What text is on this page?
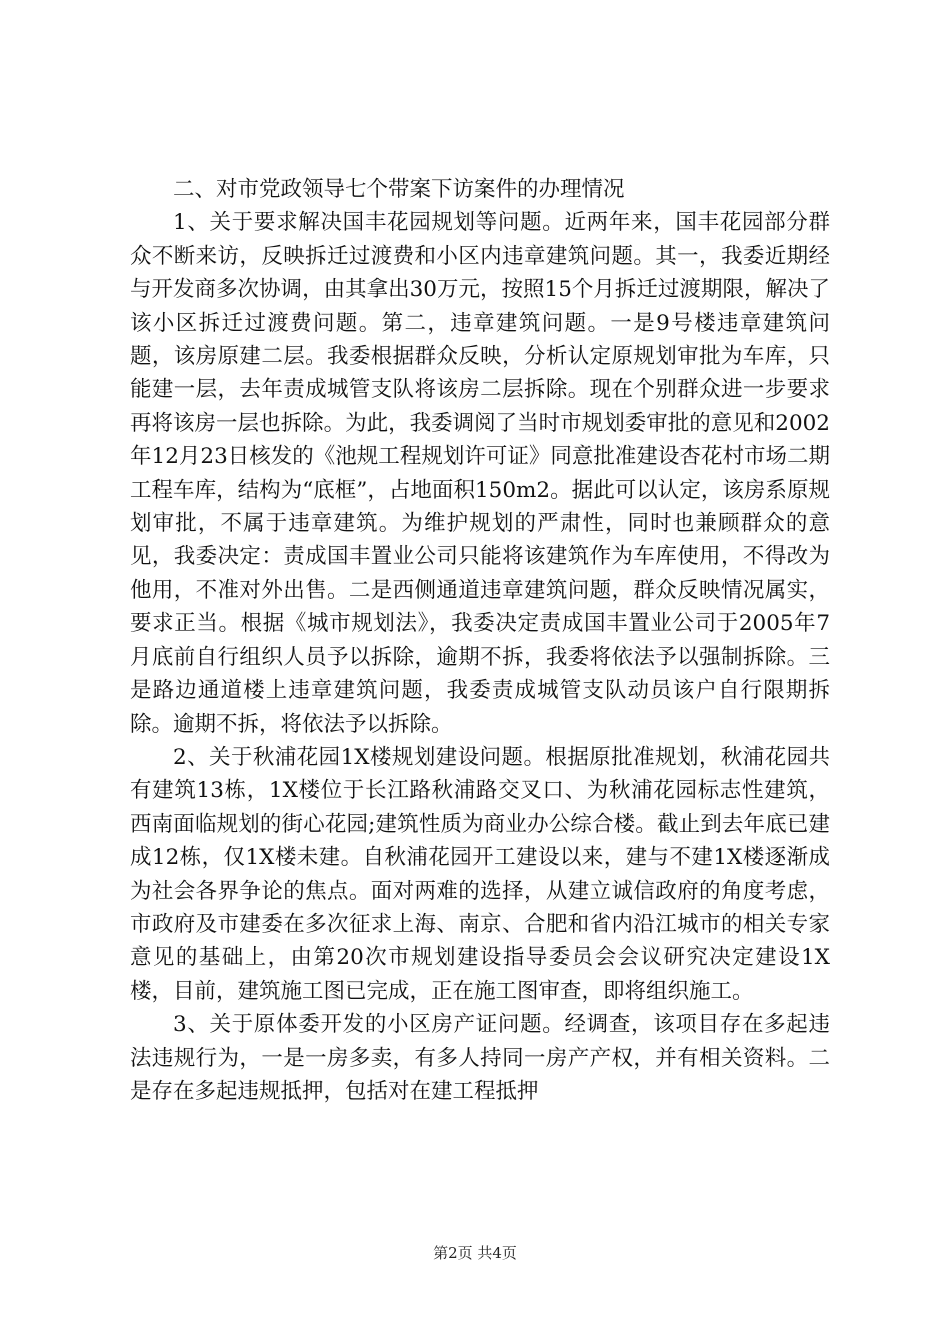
二、对市党政领导七个带案下访案件的办理情况

1、关于要求解决国丰花园规划等问题。近两年来，国丰花园部分群众不断来访，反映拆迁过渡费和小区内违章建筑问题。其一，我委近期经与开发商多次协调，由其拿出30万元，按照15个月拆迁过渡期限，解决了该小区拆迁过渡费问题。第二，违章建筑问题。一是9号楼违章建筑问题，该房原建二层。我委根据群众反映，分析认定原规划审批为车库，只能建一层，去年责成城管支队将该房二层拆除。现在个别群众进一步要求再将该房一层也拆除。为此，我委调阅了当时市规划委审批的意见和2002年12月23日核发的《池规工程规划许可证》同意批准建设杏花村市场二期工程车库，结构为“底框”，占地面积150m2。据此可以认定，该房系原规划审批，不属于违章建筑。为维护规划的严肃性，同时也兼顾群众的意见，我委决定：责成国丰置业公司只能将该建筑作为车库使用，不得改为他用，不准对外出售。二是西侧通道违章建筑问题，群众反映情况属实，要求正当。根据《城市规划法》，我委决定责成国丰置业公司于2005年7月底前自行组织人员予以拆除，逾期不拆，我委将依法予以强制拆除。三是路边通道楼上违章建筑问题，我委责成城管支队动员该户自行限期拆除。逾期不拆，将依法予以拆除。

2、关于秋浦花园1X楼规划建设问题。根据原批准规划，秋浦花园共有建筑13栋，1X楼位于长江路秋浦路交叉口、为秋浦花园标志性建筑，西南面临规划的街心花园;建筑性质为商业办公综合楼。截止到去年底已建成12栋，仅1X楼未建。自秋浦花园开工建设以来，建与不建1X楼逐渐成为社会各界争论的焦点。面对两难的选择，从建立诚信政府的角度考虑，市政府及市建委在多次征求上海、南京、合肥和省内沿江城市的相关专家意见的基础上，由第20次市规划建设指导委员会会议研究决定建设1X楼，目前，建筑施工图已完成，正在施工图审查，即将组织施工。

3、关于原体委开发的小区房产证问题。经调查，该项目存在多起违法违规行为，一是一房多卖，有多人持同一房产产权，并有相关资料。二是存在多起违规抵押，包括对在建工程抵押

第2页 共4页
